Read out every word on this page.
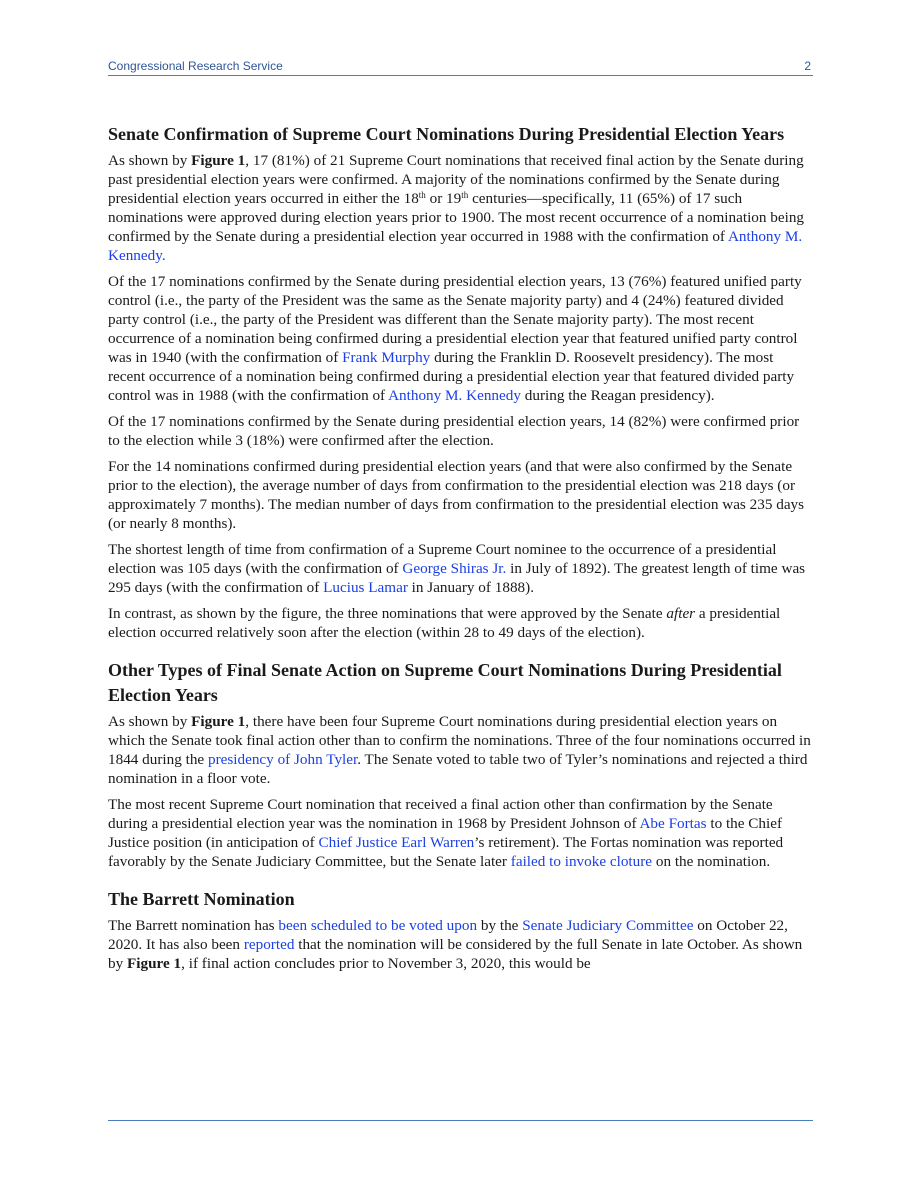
Congressional Research Service	2
Senate Confirmation of Supreme Court Nominations During Presidential Election Years

As shown by Figure 1, 17 (81%) of 21 Supreme Court nominations that received final action by the Senate during past presidential election years were confirmed. A majority of the nominations confirmed by the Senate during presidential election years occurred in either the 18th or 19th centuries—specifically, 11 (65%) of 17 such nominations were approved during election years prior to 1900. The most recent occurrence of a nomination being confirmed by the Senate during a presidential election year occurred in 1988 with the confirmation of Anthony M. Kennedy.

Of the 17 nominations confirmed by the Senate during presidential election years, 13 (76%) featured unified party control (i.e., the party of the President was the same as the Senate majority party) and 4 (24%) featured divided party control (i.e., the party of the President was different than the Senate majority party). The most recent occurrence of a nomination being confirmed during a presidential election year that featured unified party control was in 1940 (with the confirmation of Frank Murphy during the Franklin D. Roosevelt presidency). The most recent occurrence of a nomination being confirmed during a presidential election year that featured divided party control was in 1988 (with the confirmation of Anthony M. Kennedy during the Reagan presidency).

Of the 17 nominations confirmed by the Senate during presidential election years, 14 (82%) were confirmed prior to the election while 3 (18%) were confirmed after the election.

For the 14 nominations confirmed during presidential election years (and that were also confirmed by the Senate prior to the election), the average number of days from confirmation to the presidential election was 218 days (or approximately 7 months). The median number of days from confirmation to the presidential election was 235 days (or nearly 8 months).

The shortest length of time from confirmation of a Supreme Court nominee to the occurrence of a presidential election was 105 days (with the confirmation of George Shiras Jr. in July of 1892). The greatest length of time was 295 days (with the confirmation of Lucius Lamar in January of 1888).

In contrast, as shown by the figure, the three nominations that were approved by the Senate after a presidential election occurred relatively soon after the election (within 28 to 49 days of the election).

Other Types of Final Senate Action on Supreme Court Nominations During Presidential Election Years

As shown by Figure 1, there have been four Supreme Court nominations during presidential election years on which the Senate took final action other than to confirm the nominations. Three of the four nominations occurred in 1844 during the presidency of John Tyler. The Senate voted to table two of Tyler’s nominations and rejected a third nomination in a floor vote.

The most recent Supreme Court nomination that received a final action other than confirmation by the Senate during a presidential election year was the nomination in 1968 by President Johnson of Abe Fortas to the Chief Justice position (in anticipation of Chief Justice Earl Warren’s retirement). The Fortas nomination was reported favorably by the Senate Judiciary Committee, but the Senate later failed to invoke cloture on the nomination.

The Barrett Nomination

The Barrett nomination has been scheduled to be voted upon by the Senate Judiciary Committee on October 22, 2020. It has also been reported that the nomination will be considered by the full Senate in late October. As shown by Figure 1, if final action concludes prior to November 3, 2020, this would be
